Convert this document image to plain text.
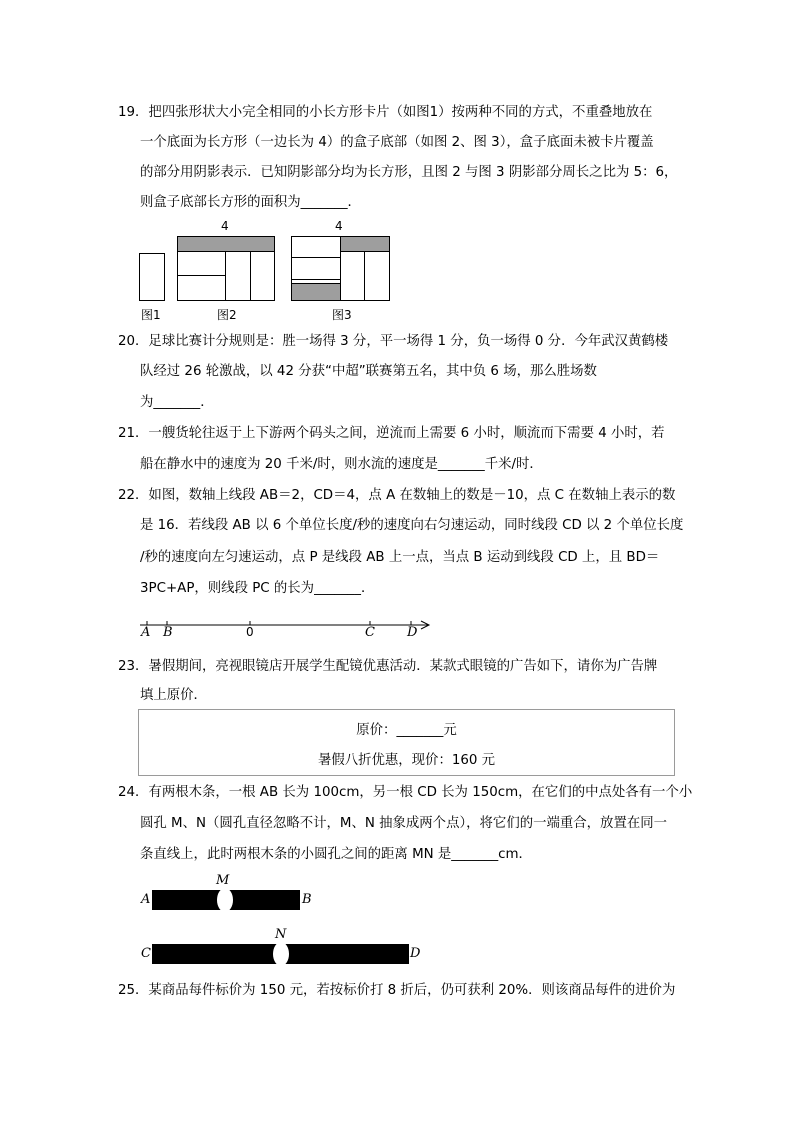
19．把四张形状大小完全相同的小长方形卡片（如图1）按两种不同的方式，不重叠地放在
一个底面为长方形（一边长为 4）的盒子底部（如图 2、图 3），盒子底面未被卡片覆盖
的部分用阴影表示．已知阴影部分均为长方形，且图 2 与图 3 阴影部分周长之比为 5：6，
则盒子底部长方形的面积为_______．
图1
4
图2
4
图3
20．足球比赛计分规则是：胜一场得 3 分，平一场得 1 分，负一场得 0 分．今年武汉黄鹤楼
队经过 26 轮激战，以 42 分获“中超”联赛第五名，其中负 6 场，那么胜场数
为_______．
21．一艘货轮往返于上下游两个码头之间，逆流而上需要 6 小时，顺流而下需要 4 小时，若
船在静水中的速度为 20 千米/时，则水流的速度是_______千米/时．
22．如图，数轴上线段 AB＝2，CD＝4，点 A 在数轴上的数是－10，点 C 在数轴上表示的数
是 16．若线段 AB 以 6 个单位长度/秒的速度向右匀速运动，同时线段 CD 以 2 个单位长度
/秒的速度向左匀速运动，点 P 是线段 AB 上一点，当点 B 运动到线段 CD 上，且 BD＝
3PC+AP，则线段 PC 的长为_______．
A B	0	C D
23．暑假期间，亮视眼镜店开展学生配镜优惠活动．某款式眼镜的广告如下，请你为广告牌
填上原价．
原价：_______元
暑假八折优惠，现价：160 元
24．有两根木条，一根 AB 长为 100cm，另一根 CD 长为 150cm，在它们的中点处各有一个小
圆孔 M、N（圆孔直径忽略不计，M、N 抽象成两个点），将它们的一端重合，放置在同一
条直线上，此时两根木条的小圆孔之间的距离 MN 是_______cm．
M
A	B
N
C	D
25．某商品每件标价为 150 元，若按标价打 8 折后，仍可获利 20%．则该商品每件的进价为
